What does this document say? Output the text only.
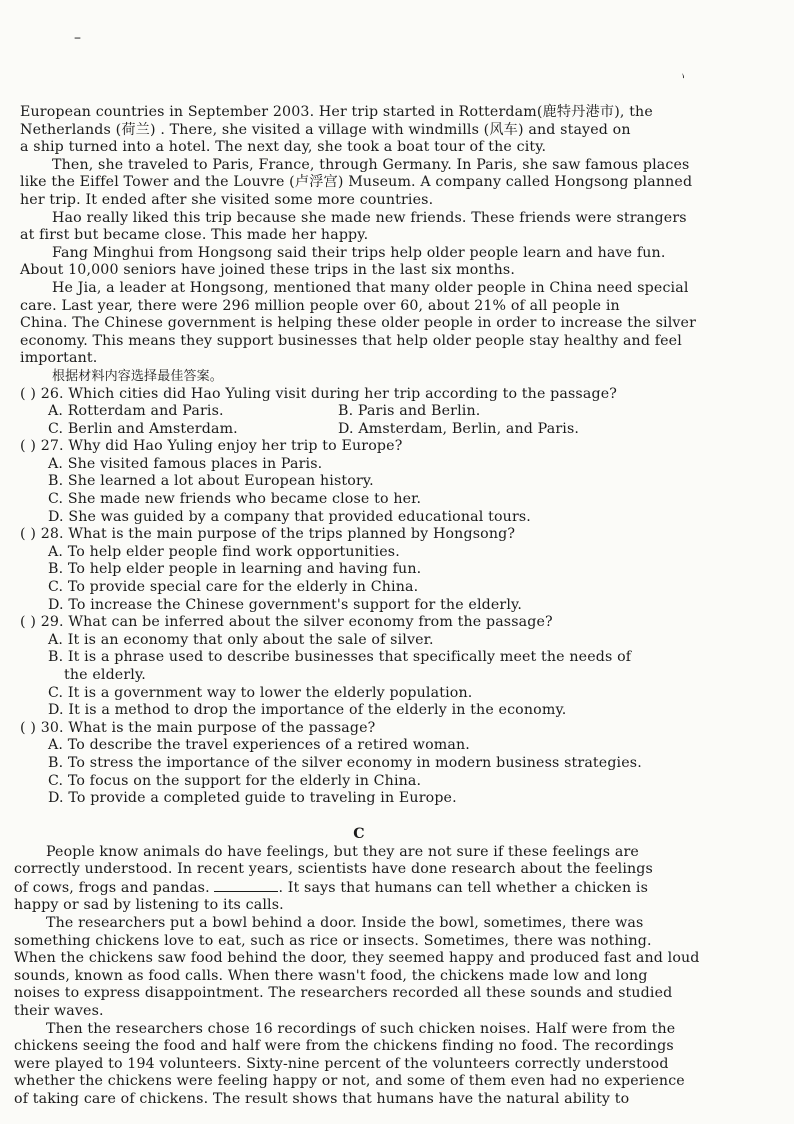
–
丶
European countries in September 2003. Her trip started in Rotterdam(鹿特丹港市), the
Netherlands (荷兰) . There, she visited a village with windmills (风车) and stayed on
a ship turned into a hotel. The next day, she took a boat tour of the city.
Then, she traveled to Paris, France, through Germany. In Paris, she saw famous places
like the Eiffel Tower and the Louvre (卢浮宫) Museum. A company called Hongsong planned
her trip. It ended after she visited some more countries.
Hao really liked this trip because she made new friends. These friends were strangers
at first but became close. This made her happy.
Fang Minghui from Hongsong said their trips help older people learn and have fun.
About 10,000 seniors have joined these trips in the last six months.
He Jia, a leader at Hongsong, mentioned that many older people in China need special
care. Last year, there were 296 million people over 60, about 21% of all people in
China. The Chinese government is helping these older people in order to increase the silver
economy. This means they support businesses that help older people stay healthy and feel
important.
根据材料内容选择最佳答案。
( ) 26. Which cities did Hao Yuling visit during her trip according to the passage?
A. Rotterdam and Paris.	B. Paris and Berlin.
C. Berlin and Amsterdam.	D. Amsterdam, Berlin, and Paris.
( ) 27. Why did Hao Yuling enjoy her trip to Europe?
A. She visited famous places in Paris.
B. She learned a lot about European history.
C. She made new friends who became close to her.
D. She was guided by a company that provided educational tours.
( ) 28. What is the main purpose of the trips planned by Hongsong?
A. To help elder people find work opportunities.
B. To help elder people in learning and having fun.
C. To provide special care for the elderly in China.
D. To increase the Chinese government's support for the elderly.
( ) 29. What can be inferred about the silver economy from the passage?
A. It is an economy that only about the sale of silver.
B. It is a phrase used to describe businesses that specifically meet the needs of
the elderly.
C. It is a government way to lower the elderly population.
D. It is a method to drop the importance of the elderly in the economy.
( ) 30. What is the main purpose of the passage?
A. To describe the travel experiences of a retired woman.
B. To stress the importance of the silver economy in modern business strategies.
C. To focus on the support for the elderly in China.
D. To provide a completed guide to traveling in Europe.
C
People know animals do have feelings, but they are not sure if these feelings are
correctly understood. In recent years, scientists have done research about the feelings
of cows, frogs and pandas.	. It says that humans can tell whether a chicken is
happy or sad by listening to its calls.
The researchers put a bowl behind a door. Inside the bowl, sometimes, there was
something chickens love to eat, such as rice or insects. Sometimes, there was nothing.
When the chickens saw food behind the door, they seemed happy and produced fast and loud
sounds, known as food calls. When there wasn't food, the chickens made low and long
noises to express disappointment. The researchers recorded all these sounds and studied
their waves.
Then the researchers chose 16 recordings of such chicken noises. Half were from the
chickens seeing the food and half were from the chickens finding no food. The recordings
were played to 194 volunteers. Sixty-nine percent of the volunteers correctly understood
whether the chickens were feeling happy or not, and some of them even had no experience
of taking care of chickens. The result shows that humans have the natural ability to
